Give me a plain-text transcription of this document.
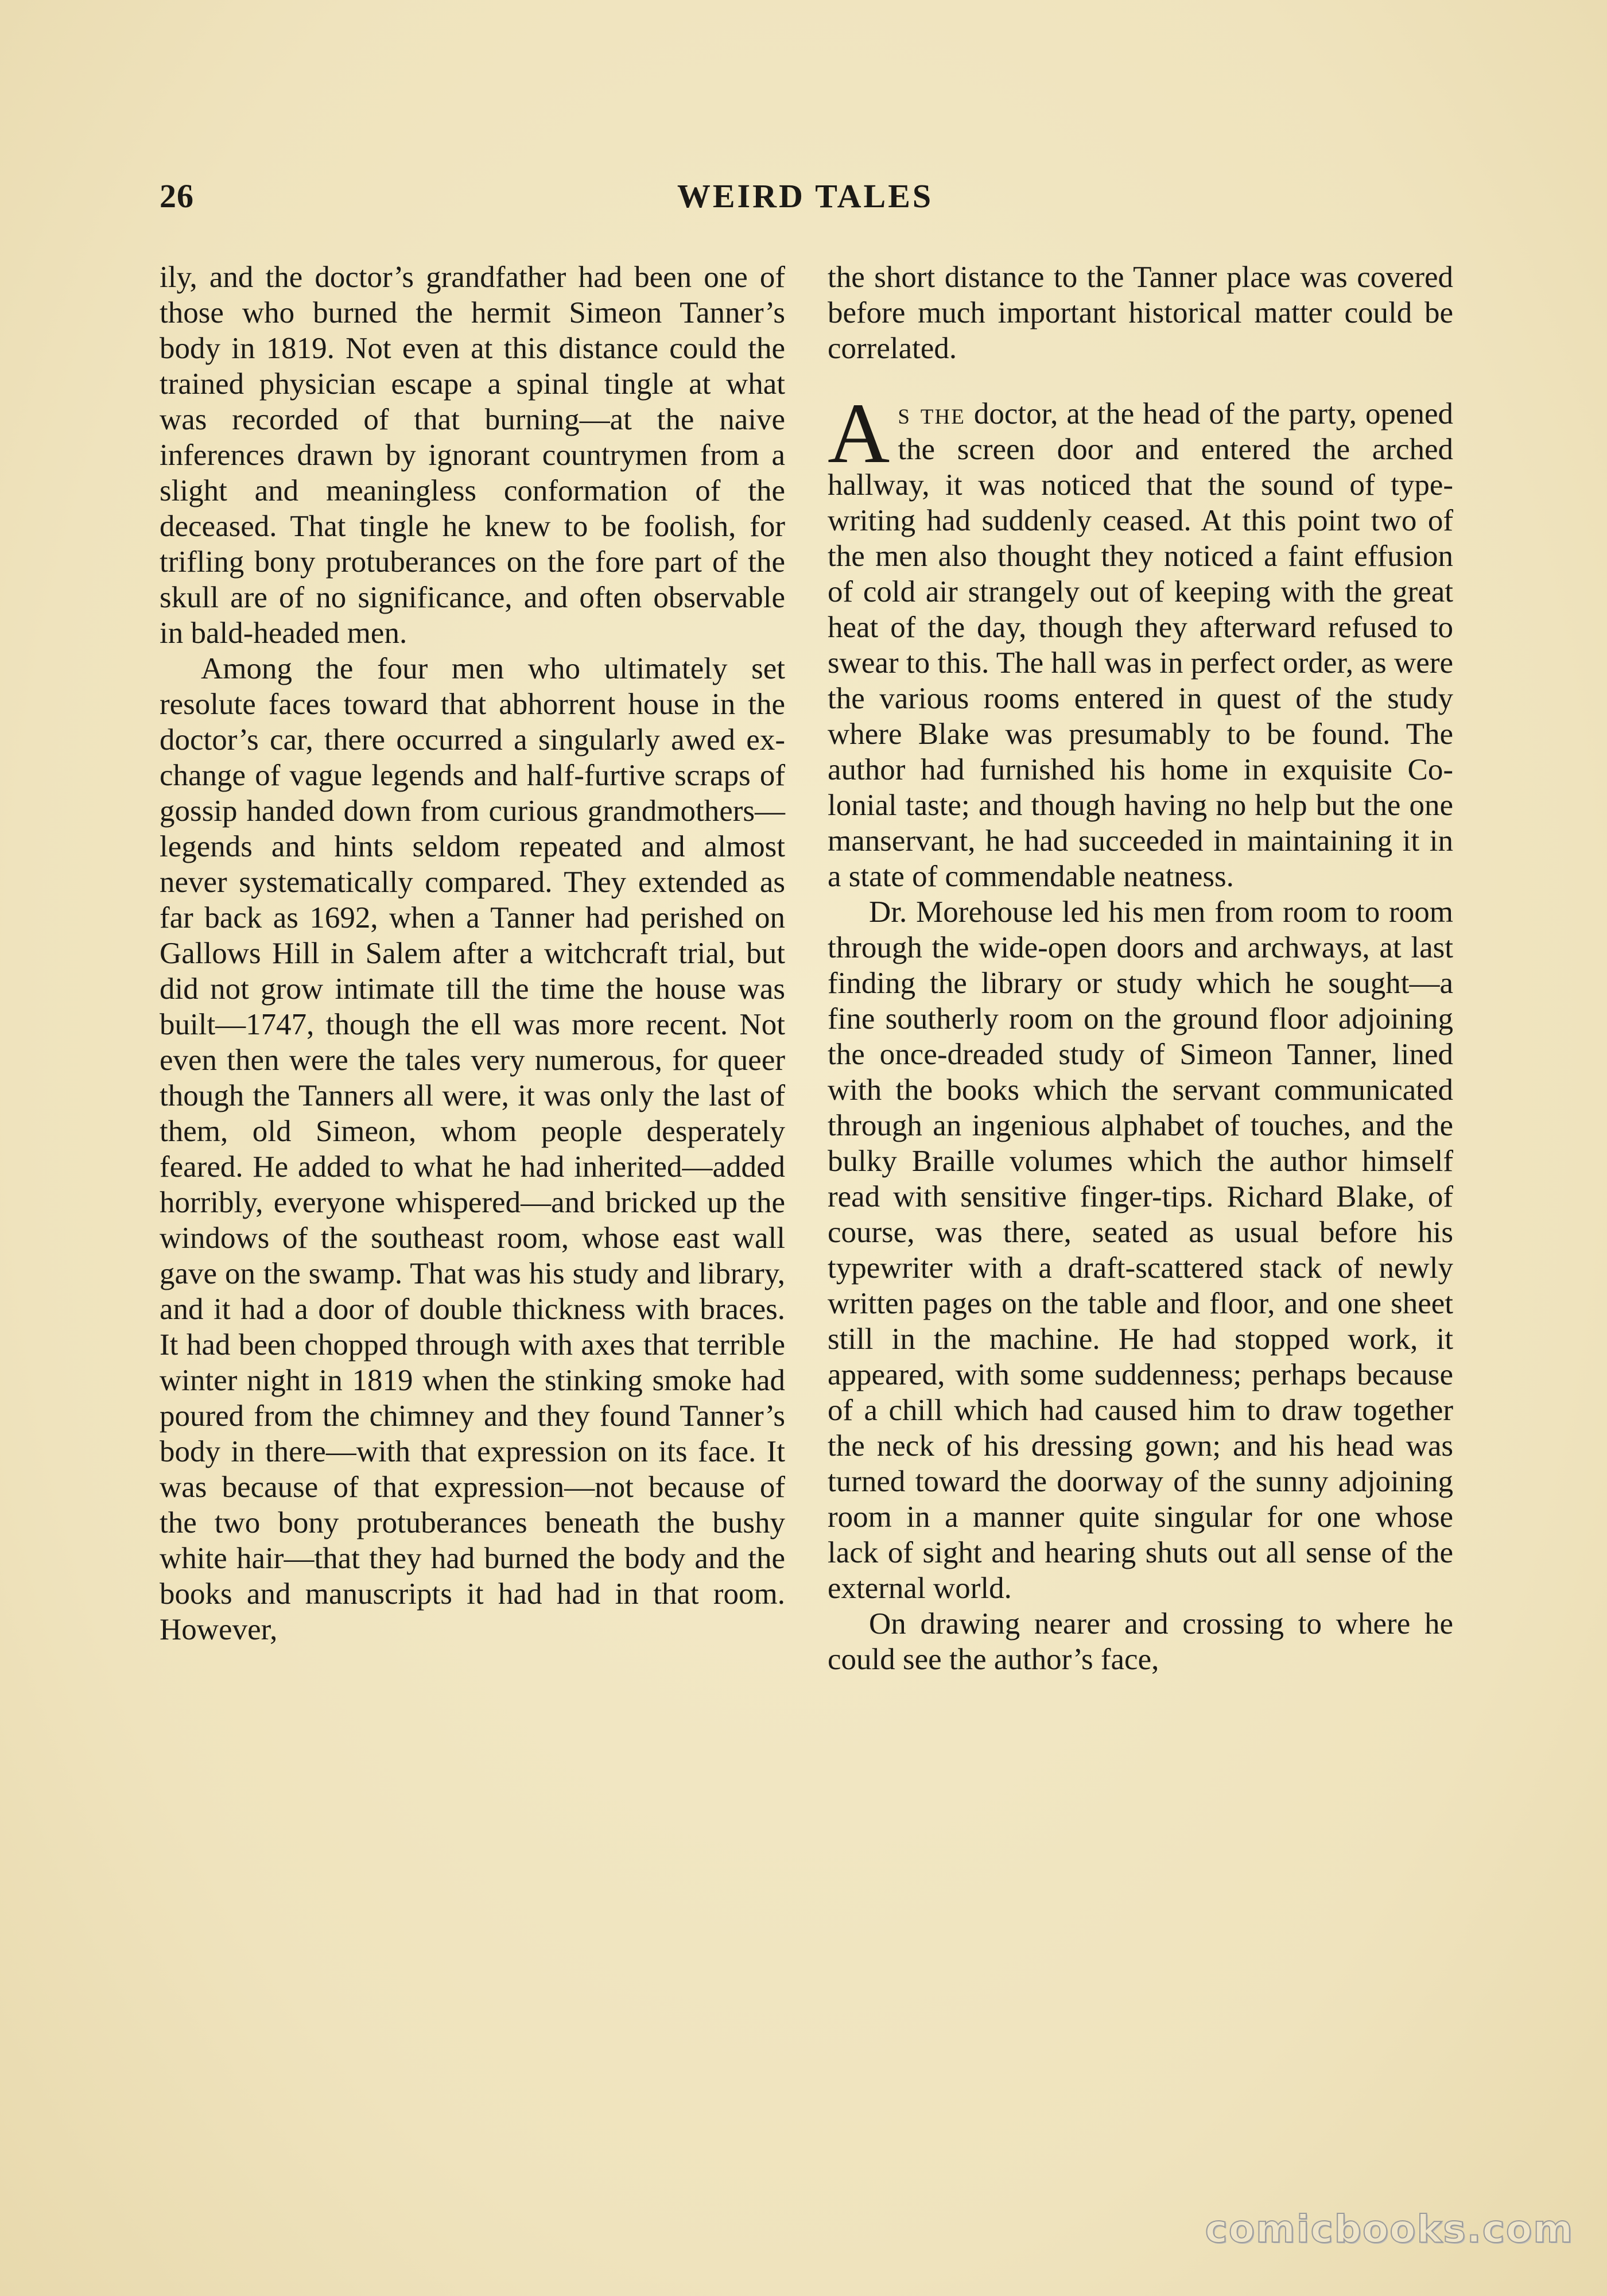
26	WEIRD TALES

ily, and the doctor’s grandfather had been one of those who burned the hermit Simeon Tanner’s body in 1819. Not even at this distance could the trained physician escape a spinal tingle at what was recorded of that burning—at the naive inferences drawn by ignorant countrymen from a slight and meaningless conformation of the deceased. That tingle he knew to be foolish, for trifling bony protuberances on the fore part of the skull are of no significance, and often observable in bald-headed men.

Among the four men who ultimately set resolute faces toward that abhorrent house in the doctor’s car, there occurred a singularly awed exchange of vague legends and half-furtive scraps of gossip handed down from curious grandmothers—legends and hints seldom repeated and almost never systematically compared. They extended as far back as 1692, when a Tanner had perished on Gallows Hill in Salem after a witchcraft trial, but did not grow intimate till the time the house was built—1747, though the ell was more recent. Not even then were the tales very numerous, for queer though the Tanners all were, it was only the last of them, old Simeon, whom people desperately feared. He added to what he had inherited—added horribly, everyone whispered—and bricked up the windows of the southeast room, whose east wall gave on the swamp. That was his study and library, and it had a door of double thickness with braces. It had been chopped through with axes that terrible winter night in 1819 when the stinking smoke had poured from the chimney and they found Tanner’s body in there—with that expression on its face. It was because of that expression—not because of the two bony protuberances beneath the bushy white hair—that they had burned the body and the books and manuscripts it had had in that room. However,

the short distance to the Tanner place was covered before much important historical matter could be correlated.

As the doctor, at the head of the party, opened the screen door and entered the arched hallway, it was noticed that the sound of typewriting had suddenly ceased. At this point two of the men also thought they noticed a faint effusion of cold air strangely out of keeping with the great heat of the day, though they afterward refused to swear to this. The hall was in perfect order, as were the various rooms entered in quest of the study where Blake was presumably to be found. The author had furnished his home in exquisite Colonial taste; and though having no help but the one manservant, he had succeeded in maintaining it in a state of commendable neatness.

Dr. Morehouse led his men from room to room through the wide-open doors and archways, at last finding the library or study which he sought—a fine southerly room on the ground floor adjoining the once-dreaded study of Simeon Tanner, lined with the books which the servant communicated through an ingenious alphabet of touches, and the bulky Braille volumes which the author himself read with sensitive finger-tips. Richard Blake, of course, was there, seated as usual before his typewriter with a draft-scattered stack of newly written pages on the table and floor, and one sheet still in the machine. He had stopped work, it appeared, with some suddenness; perhaps because of a chill which had caused him to draw together the neck of his dressing gown; and his head was turned toward the doorway of the sunny adjoining room in a manner quite singular for one whose lack of sight and hearing shuts out all sense of the external world.

On drawing nearer and crossing to where he could see the author’s face,

comicbooks.com
